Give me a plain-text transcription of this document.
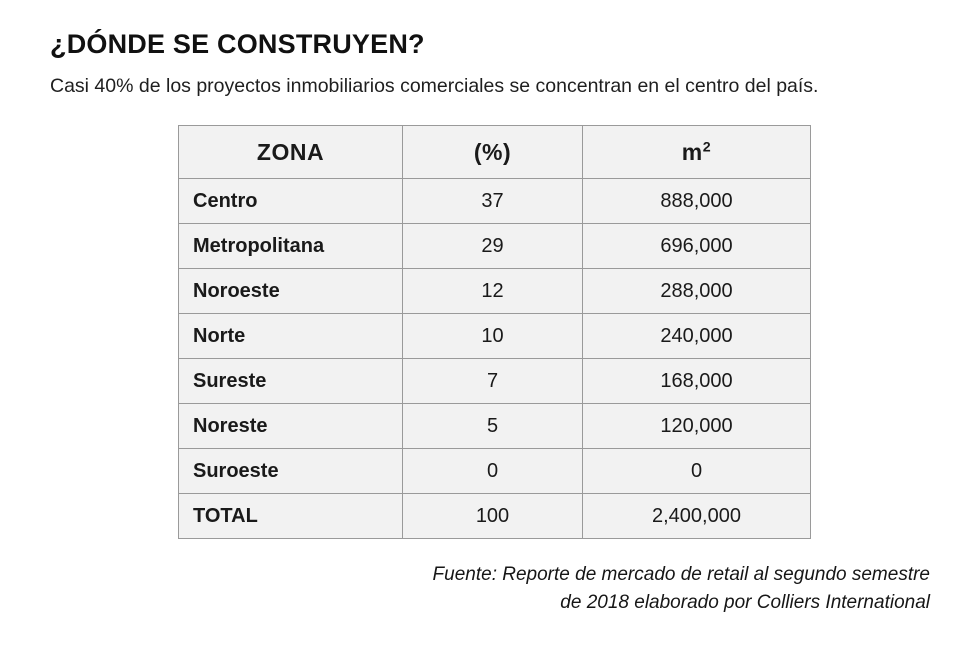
¿DÓNDE SE CONSTRUYEN?

Casi 40% de los proyectos inmobiliarios comerciales se concentran en el centro del país.

ZONA	(%)	$m^2$
Centro	37	888,000
Metropolitana	29	696,000
Noroeste	12	288,000
Norte	10	240,000
Sureste	7	168,000
Noreste	5	120,000
Suroeste	0	0
TOTAL	100	2,400,000
Fuente: Reporte de mercado de retail al segundo semestre
de 2018 elaborado por Colliers International
